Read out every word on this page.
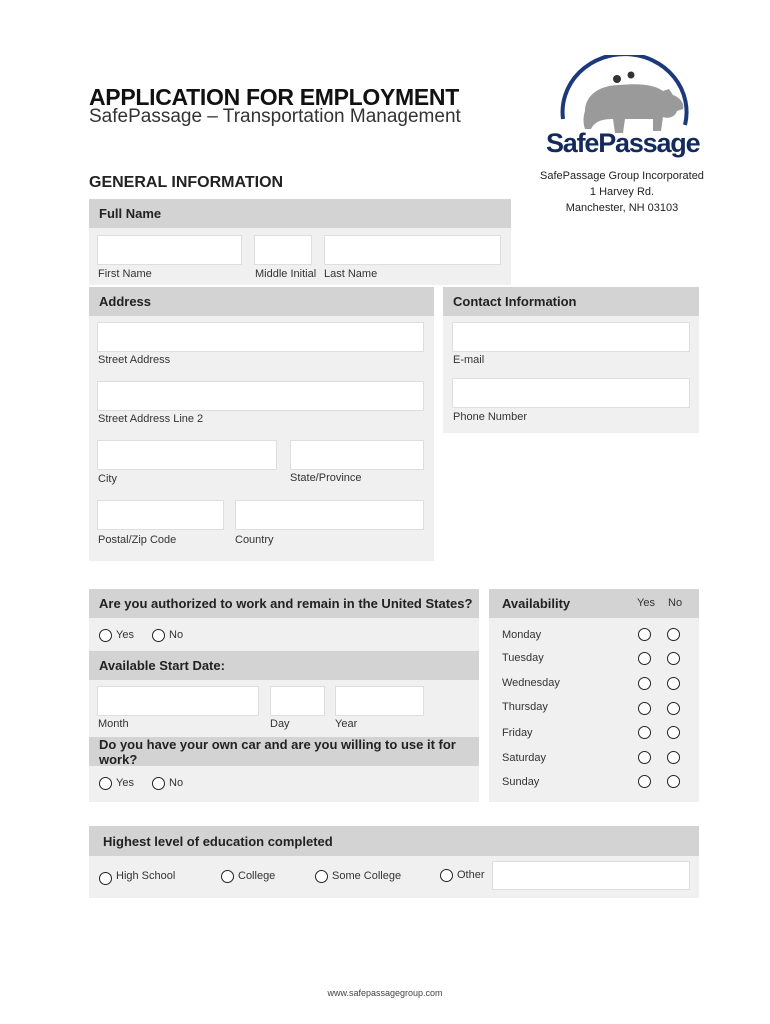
APPLICATION FOR EMPLOYMENT
SafePassage – Transportation Management
SafePassage
SafePassage Group Incorporated
1 Harvey Rd.
Manchester, NH 03103
GENERAL INFORMATION
Full Name
First Name	Middle Initial Last Name
Address
Street Address
Street Address Line 2
City	State/Province
Postal/Zip Code	Country
Contact Information
E-mail
Phone Number
Are you authorized to work and remain in the United States?
Yes	No
Available Start Date:
Month	Day	Year
Do you have your own car and are you willing to use it for work?
Yes	No
Availability	Yes No
Monday
Tuesday
Wednesday
Thursday
Friday
Saturday
Sunday
Highest level of education completed
High School	College	Some College	Other
www.safepassagegroup.com
